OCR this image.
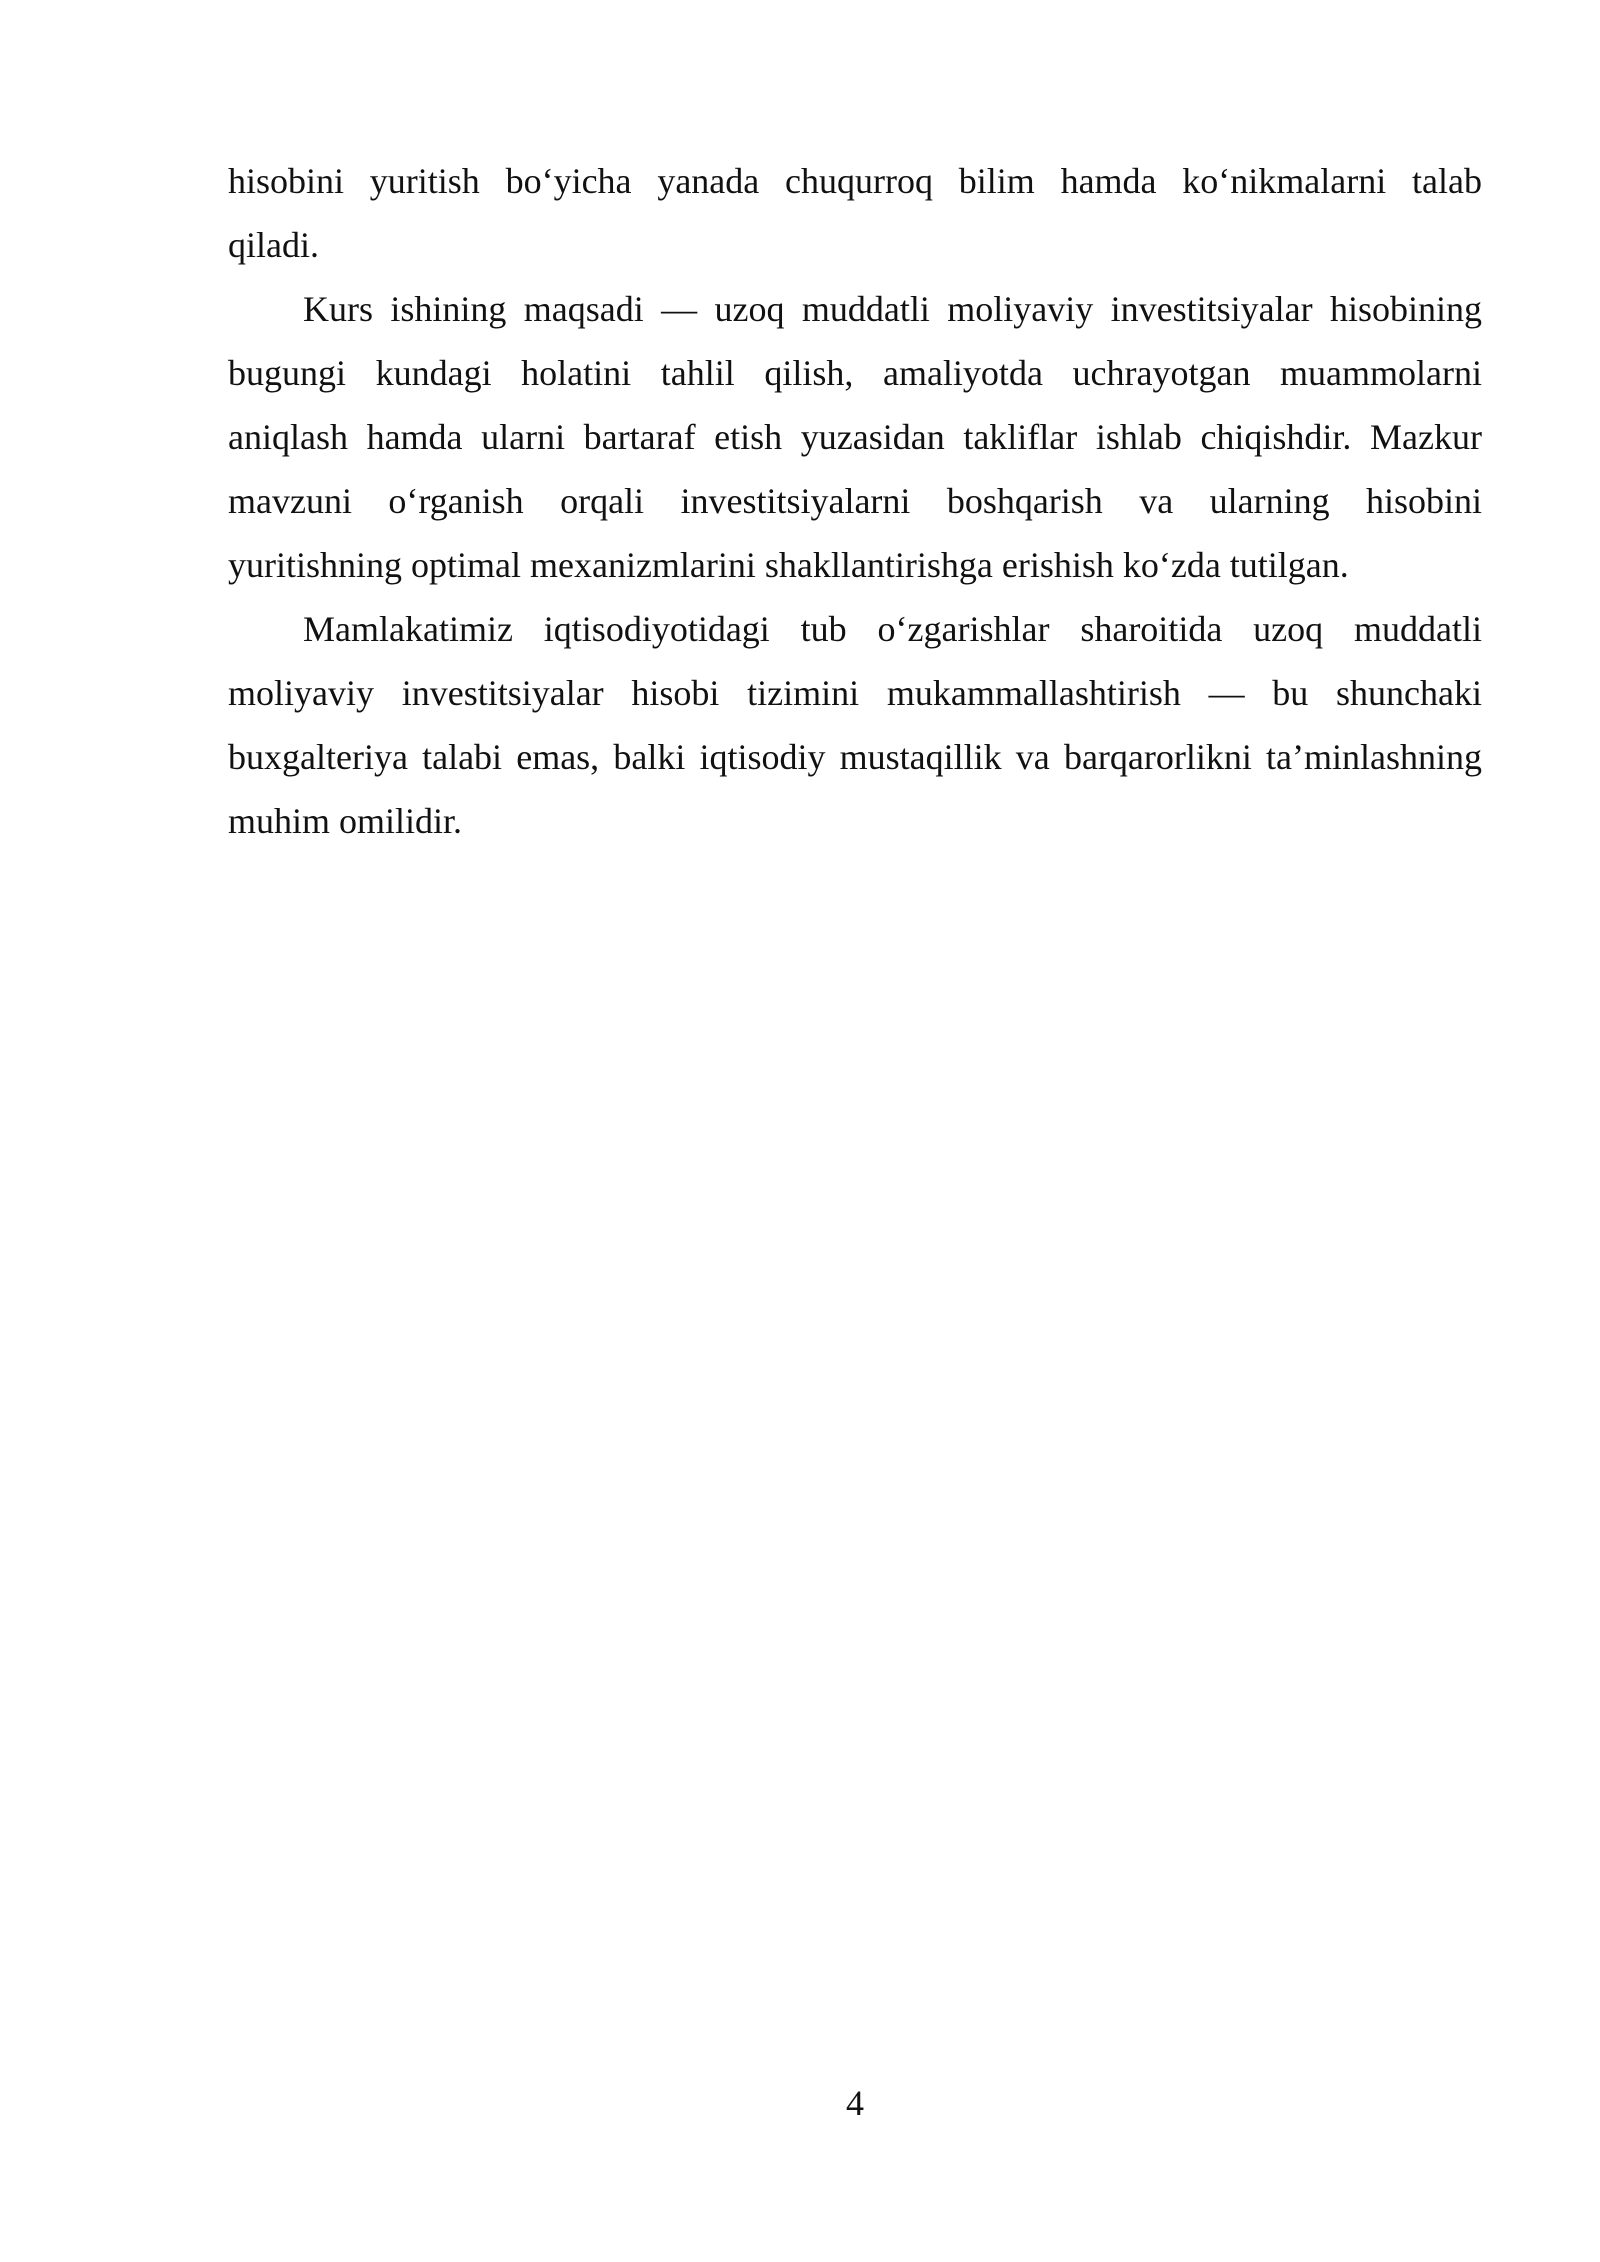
hisobini yuritish bo‘yicha yanada chuqurroq bilim hamda ko‘nikmalarni talab
qiladi.
Kurs ishining maqsadi — uzoq muddatli moliyaviy investitsiyalar hisobining
bugungi kundagi holatini tahlil qilish, amaliyotda uchrayotgan muammolarni
aniqlash hamda ularni bartaraf etish yuzasidan takliflar ishlab chiqishdir. Mazkur
mavzuni o‘rganish orqali investitsiyalarni boshqarish va ularning hisobini
yuritishning optimal mexanizmlarini shakllantirishga erishish ko‘zda tutilgan.
Mamlakatimiz iqtisodiyotidagi tub o‘zgarishlar sharoitida uzoq muddatli
moliyaviy investitsiyalar hisobi tizimini mukammallashtirish — bu shunchaki
buxgalteriya talabi emas, balki iqtisodiy mustaqillik va barqarorlikni ta’minlashning
muhim omilidir.
4
